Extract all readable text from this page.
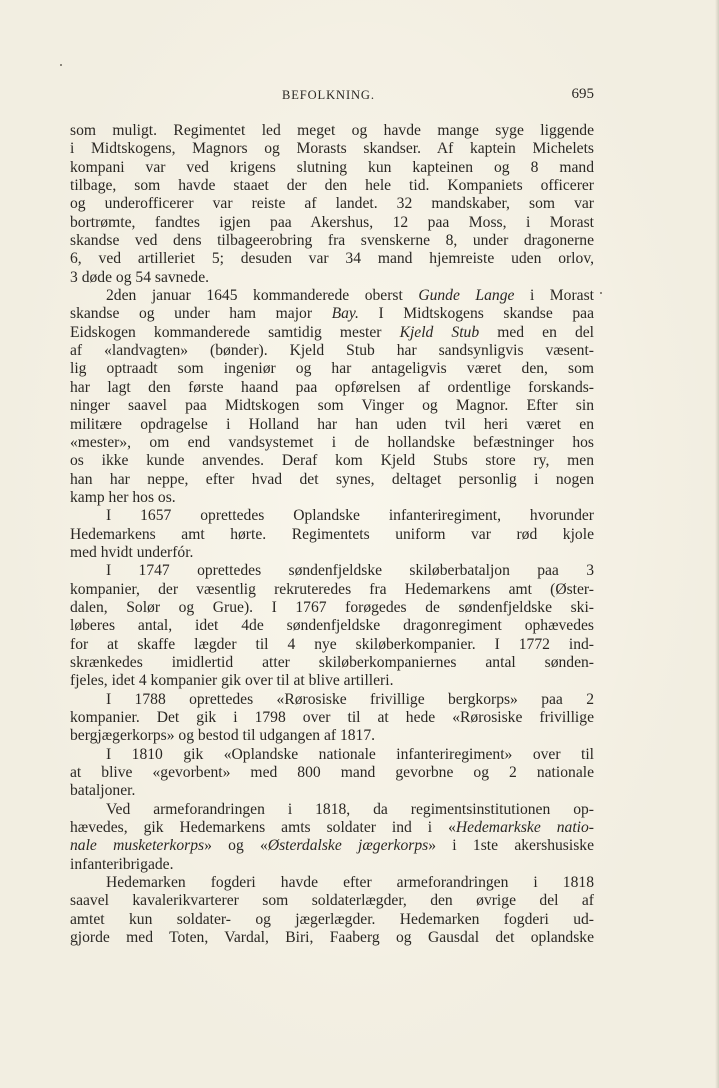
BEFOLKNING.	695
som muligt. Regimentet led meget og havde mange syge liggende
i Midtskogens, Magnors og Morasts skandser. Af kaptein Michelets
kompani var ved krigens slutning kun kapteinen og 8 mand
tilbage, som havde staaet der den hele tid. Kompaniets officerer
og underofficerer var reiste af landet. 32 mandskaber, som var
bortrømte, fandtes igjen paa Akershus, 12 paa Moss, i Morast
skandse ved dens tilbageerobring fra svenskerne 8, under dragonerne
6, ved artilleriet 5; desuden var 34 mand hjemreiste uden orlov,
3 døde og 54 savnede.
2den januar 1645 kommanderede oberst Gunde Lange i Morast
skandse og under ham major Bay. I Midtskogens skandse paa
Eidskogen kommanderede samtidig mester Kjeld Stub med en del
af «landvagten» (bønder). Kjeld Stub har sandsynligvis væsent-
lig optraadt som ingeniør og har antageligvis været den, som
har lagt den første haand paa opførelsen af ordentlige forskands-
ninger saavel paa Midtskogen som Vinger og Magnor. Efter sin
militære opdragelse i Holland har han uden tvil heri været en
«mester», om end vandsystemet i de hollandske befæstninger hos
os ikke kunde anvendes. Deraf kom Kjeld Stubs store ry, men
han har neppe, efter hvad det synes, deltaget personlig i nogen
kamp her hos os.
I 1657 oprettedes Oplandske infanteriregiment, hvorunder
Hedemarkens amt hørte. Regimentets uniform var rød kjole
med hvidt underfór.
I 1747 oprettedes søndenfjeldske skiløberbataljon paa 3
kompanier, der væsentlig rekruteredes fra Hedemarkens amt (Øster-
dalen, Solør og Grue). I 1767 forøgedes de søndenfjeldske ski-
løberes antal, idet 4de søndenfjeldske dragonregiment ophævedes
for at skaffe lægder til 4 nye skiløberkompanier. I 1772 ind-
skrænkedes imidlertid atter skiløberkompaniernes antal sønden-
fjeles, idet 4 kompanier gik over til at blive artilleri.
I 1788 oprettedes «Rørosiske frivillige bergkorps» paa 2
kompanier. Det gik i 1798 over til at hede «Rørosiske frivillige
bergjægerkorps» og bestod til udgangen af 1817.
I 1810 gik «Oplandske nationale infanteriregiment» over til
at blive «gevorbent» med 800 mand gevorbne og 2 nationale
bataljoner.
Ved armeforandringen i 1818, da regimentsinstitutionen op-
hævedes, gik Hedemarkens amts soldater ind i «Hedemarkske natio-
nale musketerkorps» og «Østerdalske jægerkorps» i 1ste akershusiske
infanteribrigade.
Hedemarken fogderi havde efter armeforandringen i 1818
saavel kavalerikvarterer som soldaterlægder, den øvrige del af
amtet kun soldater- og jægerlægder. Hedemarken fogderi ud-
gjorde med Toten, Vardal, Biri, Faaberg og Gausdal det oplandske
